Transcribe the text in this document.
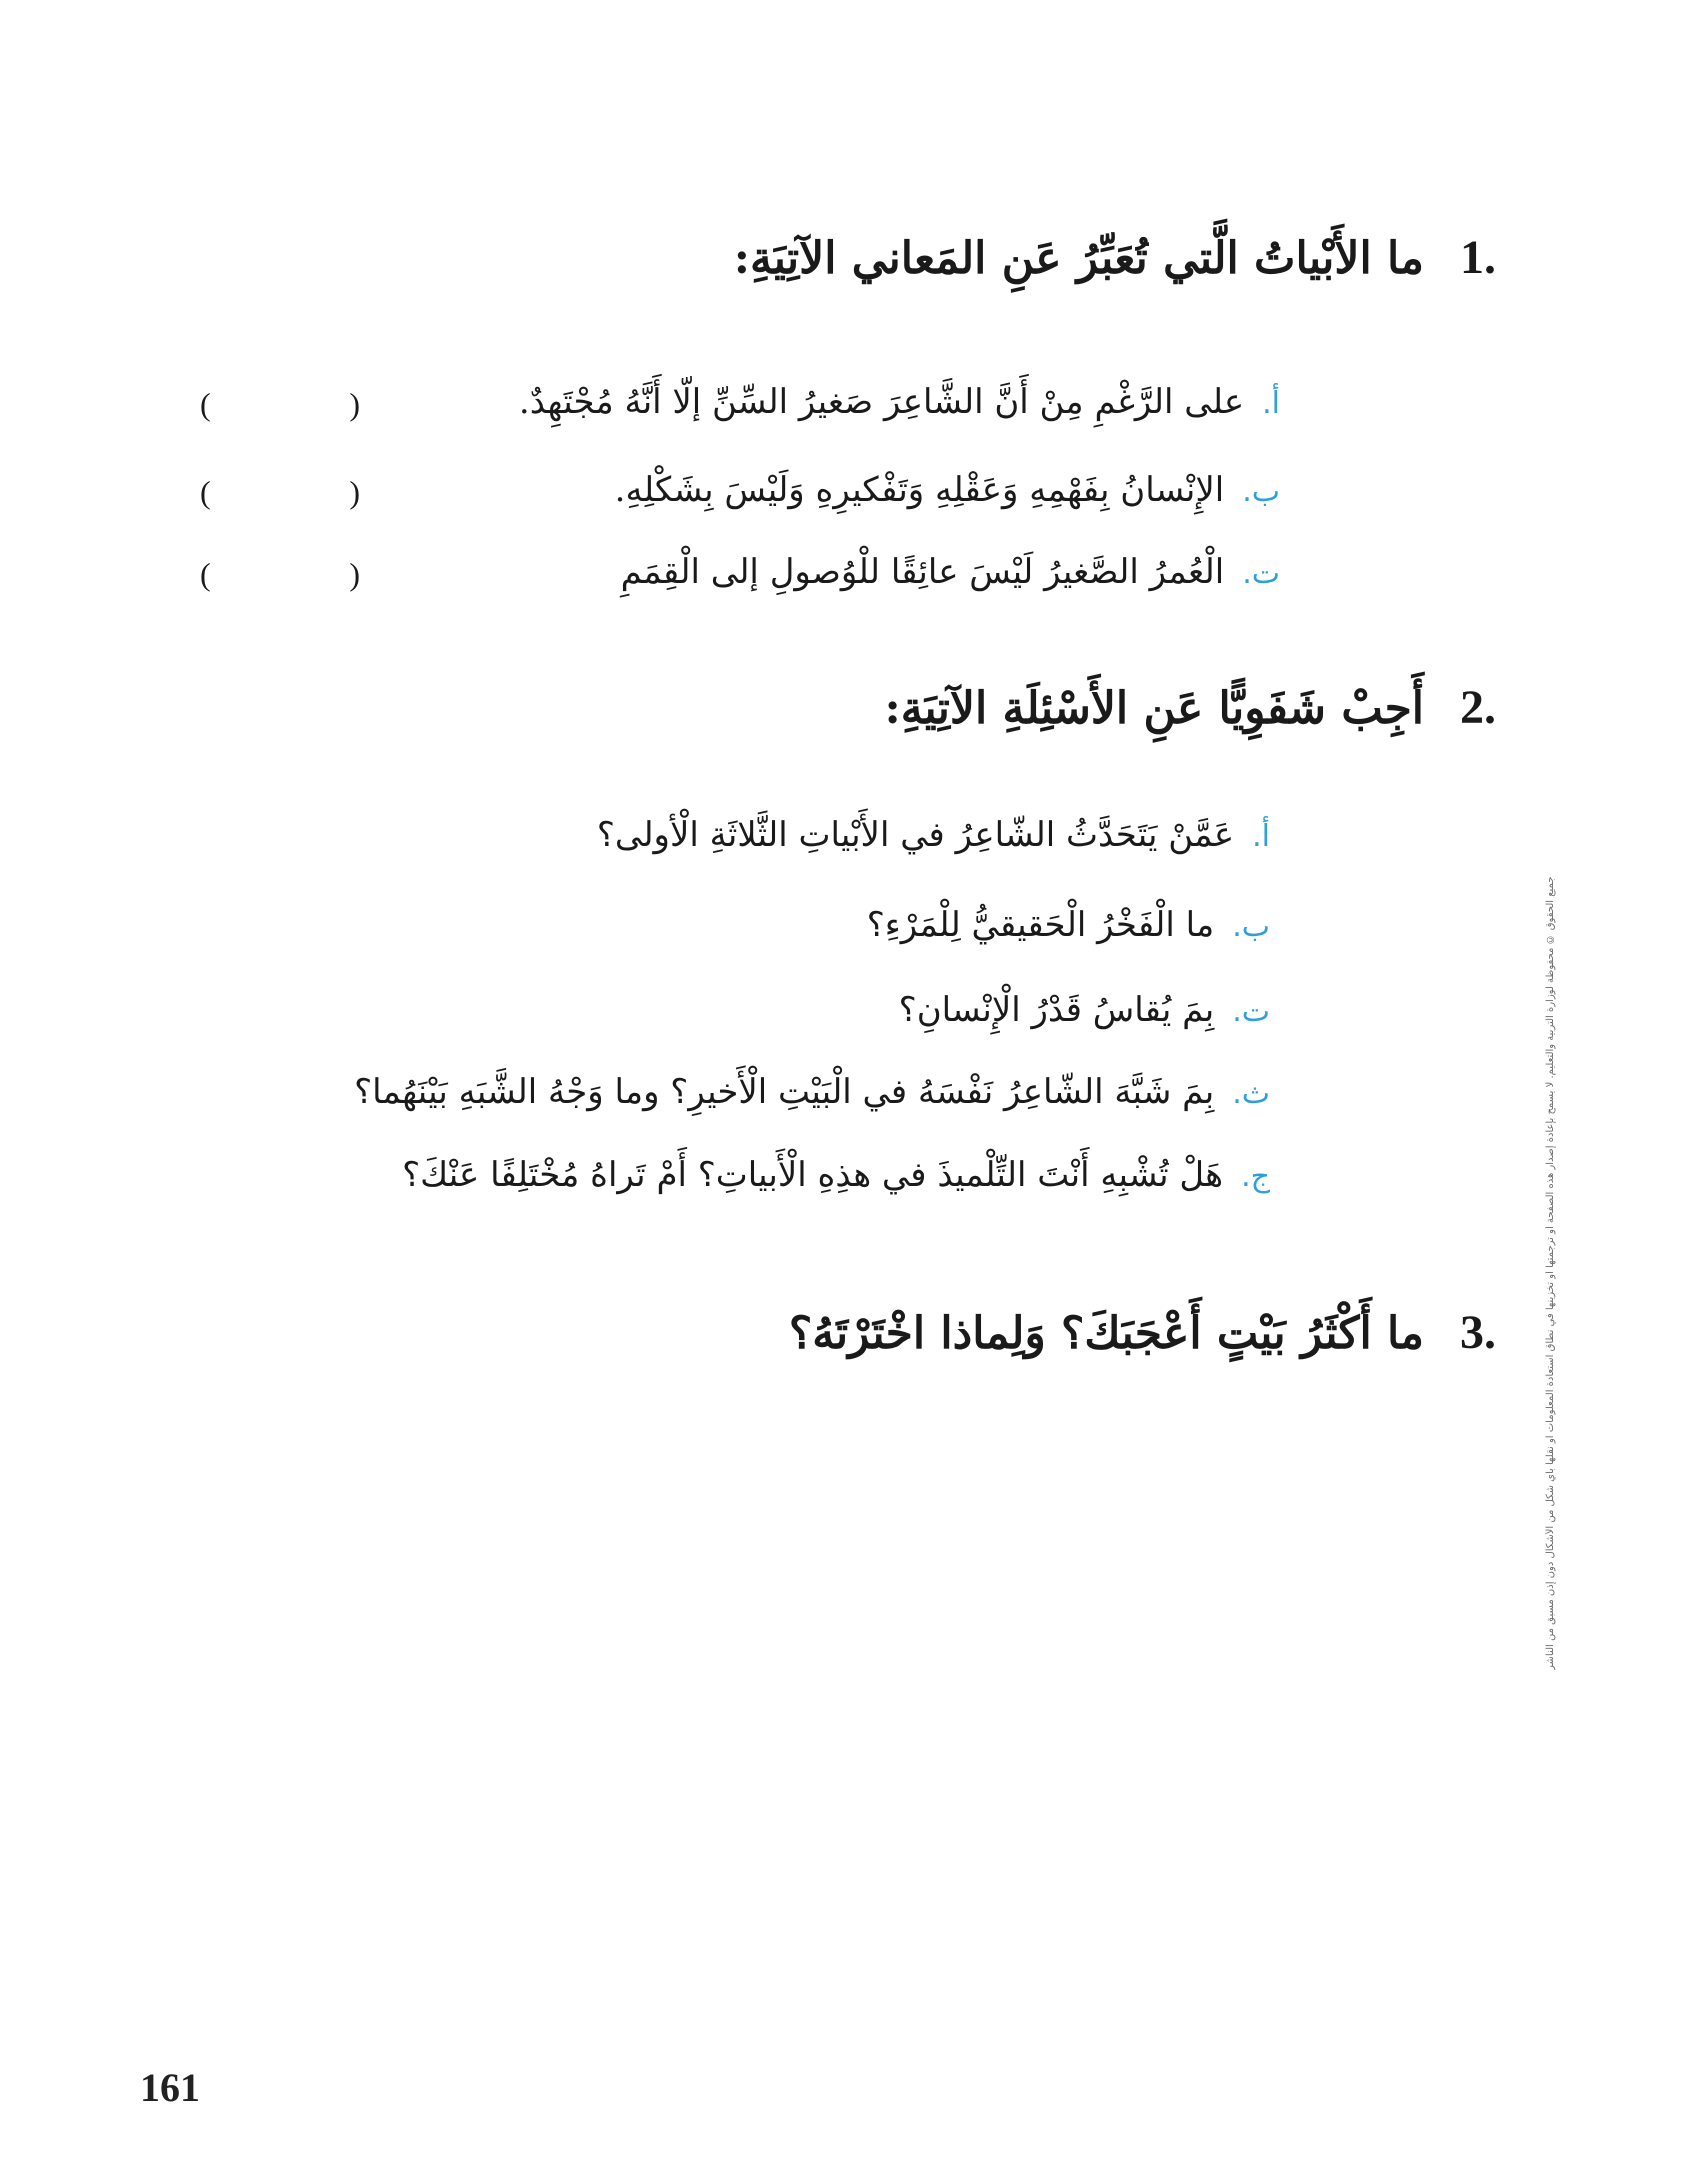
1.
ما الأَبْياتُ الَّتي تُعَبِّرُ عَنِ المَعاني الآتِيَةِ:
أ.
على الرَّغْمِ مِنْ أَنَّ الشَّاعِرَ صَغيرُ السِّنِّ إلّا أَنَّهُ مُجْتَهِدٌ.
(	)
ب.
الإِنْسانُ بِفَهْمِهِ وَعَقْلِهِ وَتَفْكيرِهِ وَلَيْسَ بِشَكْلِهِ.
(	)
ت.
الْعُمرُ الصَّغيرُ لَيْسَ عائِقًا للْوُصولِ إلى الْقِمَمِ
(	)
2.
أَجِبْ شَفَوِيًّا عَنِ الأَسْئِلَةِ الآتِيَةِ:
أ.
عَمَّنْ يَتَحَدَّثُ الشّاعِرُ في الأَبْياتِ الثَّلاثَةِ الْأولى؟
ب.
ما الْفَخْرُ الْحَقيقيُّ لِلْمَرْءِ؟
ت.
بِمَ يُقاسُ قَدْرُ الْإِنْسانِ؟
ث.
بِمَ شَبَّهَ الشّاعِرُ نَفْسَهُ في الْبَيْتِ الْأَخيرِ؟ وما وَجْهُ الشَّبَهِ بَيْنَهُما؟
ج.
هَلْ تُشْبِهِ أَنْتَ التِّلْميذَ في هذِهِ الْأَبياتِ؟ أَمْ تَراهُ مُخْتَلِفًا عَنْكَ؟
3.
ما أَكْثَرُ بَيْتٍ أَعْجَبَكَ؟ وَلِماذا اخْتَرْتَهُ؟	جميع الحقوق © محفوظة لوزارة التربية والتعليم. لا يسمح بإعادة إصدار هذه الصفحة أو ترجمتها أو تخزينها في نطاق استعادة المعلومات أو نقلها بأي شكل من الأشكال دون إذن مسبق من الناشر
161
